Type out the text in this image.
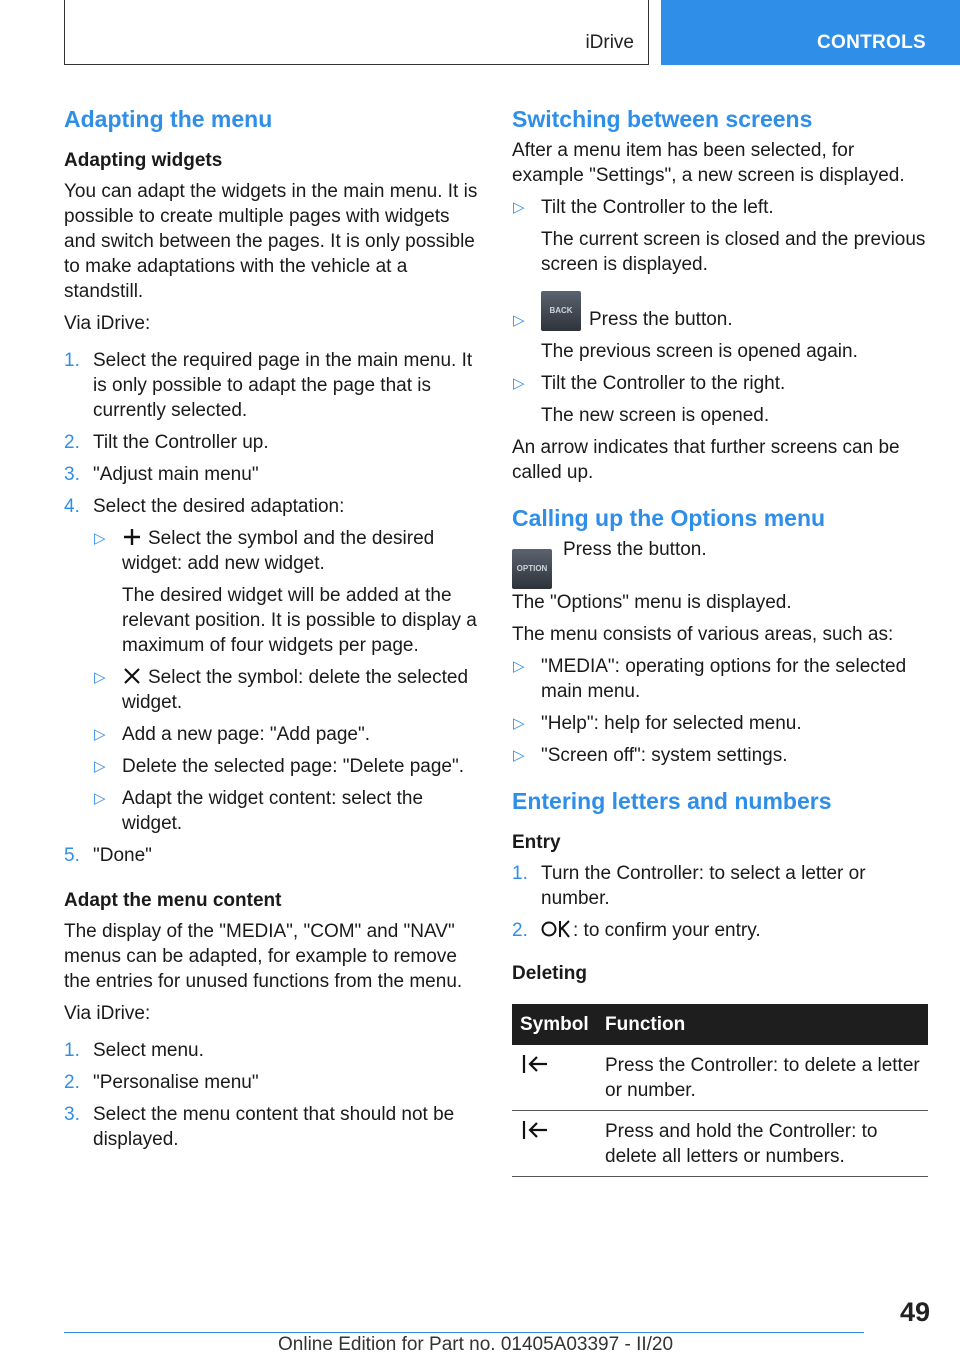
iDrive	CONTROLS
Adapting the menu
Adapting widgets

You can adapt the widgets in the main menu. It is possible to create multiple pages with widgets and switch between the pages. It is only possible to make adaptations with the vehicle at a standstill.

Via iDrive:

1. Select the required page in the main menu. It is only possible to adapt the page that is currently selected.
2. Tilt the Controller up.
3. "Adjust main menu"
4. Select the desired adaptation:
▷ Select the symbol and the desired widget: add new widget.
The desired widget will be added at the relevant position. It is possible to display a maximum of four widgets per page.
▷ Select the symbol: delete the selected widget.
▷ Add a new page: "Add page".
▷ Delete the selected page: "Delete page".
▷ Adapt the widget content: select the widget.
5. "Done"
Adapt the menu content

The display of the "MEDIA", "COM" and "NAV" menus can be adapted, for example to remove the entries for unused functions from the menu.

Via iDrive:

1. Select menu.
2. "Personalise menu"
3. Select the menu content that should not be displayed.
Switching between screens

After a menu item has been selected, for example "Settings", a new screen is displayed.

▷ Tilt the Controller to the left.
The current screen is closed and the previous screen is displayed.
▷
BACK Press the button.
The previous screen is opened again.
▷ Tilt the Controller to the right.
The new screen is opened.

An arrow indicates that further screens can be called up.

Calling up the Options menu
OPTION
Press the button.

The "Options" menu is displayed.

The menu consists of various areas, such as:

▷ "MEDIA": operating options for the selected main menu.
▷ "Help": help for selected menu.
▷ "Screen off": system settings.
Entering letters and numbers
Entry
1. Turn the Controller: to select a letter or number.
2. : to confirm your entry.
Deleting
Symbol	Function
	Press the Controller: to delete a letter or number.
	Press and hold the Controller: to delete all letters or numbers.
49
Online Edition for Part no. 01405A03397 - II/20
